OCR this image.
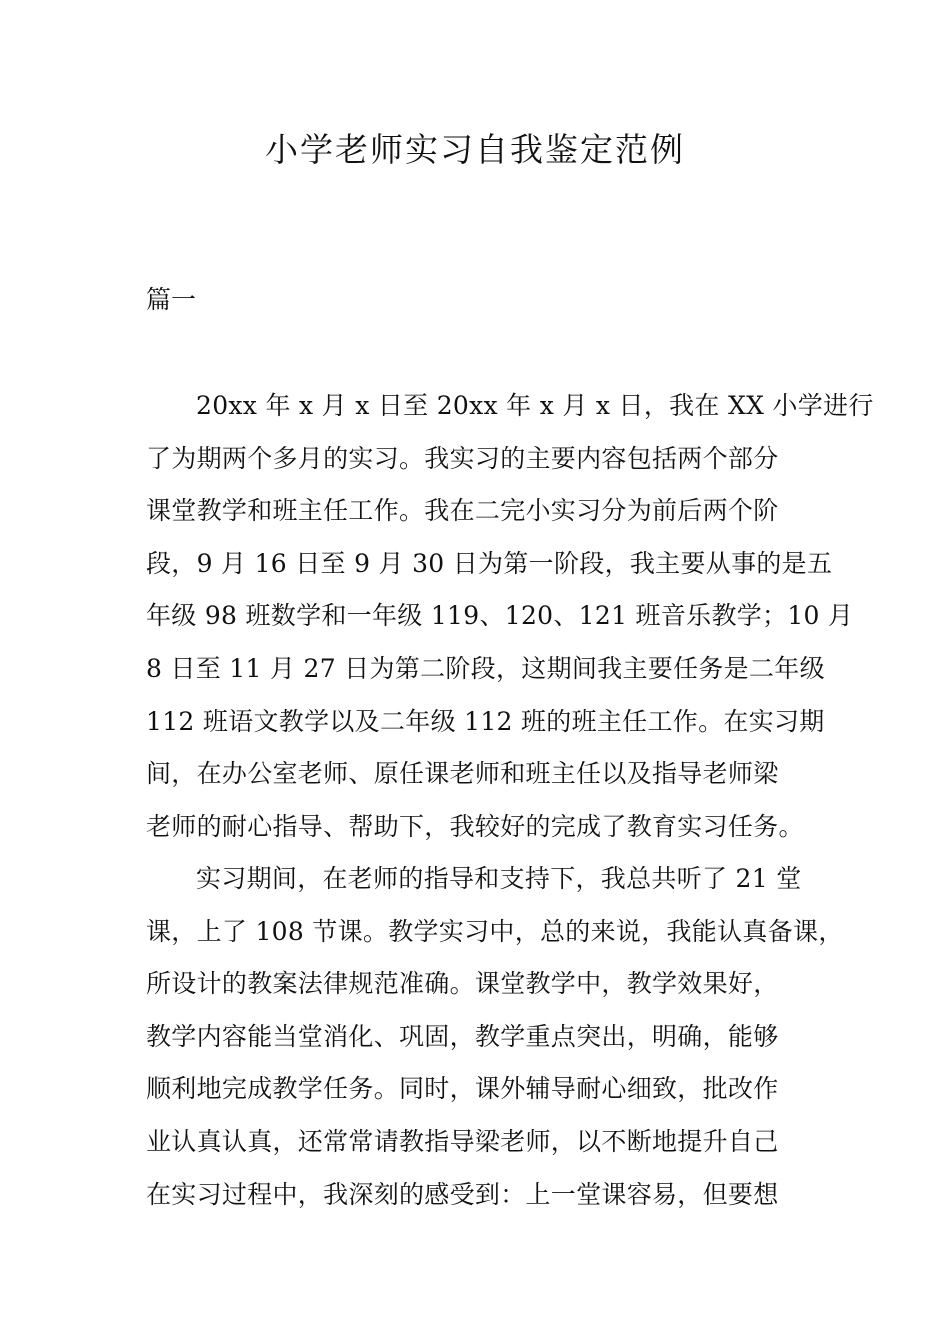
小学老师实习自我鉴定范例
篇一
20xx 年 x 月 x 日至 20xx 年 x 月 x 日，我在 XX 小学进行
了为期两个多月的实习。我实习的主要内容包括两个部分
课堂教学和班主任工作。我在二完小实习分为前后两个阶
段，9 月 16 日至 9 月 30 日为第一阶段，我主要从事的是五
年级 98 班数学和一年级 119、120、121 班音乐教学；10 月
8 日至 11 月 27 日为第二阶段，这期间我主要任务是二年级
112 班语文教学以及二年级 112 班的班主任工作。在实习期
间，在办公室老师、原任课老师和班主任以及指导老师梁
老师的耐心指导、帮助下，我较好的完成了教育实习任务。
实习期间，在老师的指导和支持下，我总共听了 21 堂
课，上了 108 节课。教学实习中，总的来说，我能认真备课，
所设计的教案法律规范准确。课堂教学中，教学效果好，
教学内容能当堂消化、巩固，教学重点突出，明确，能够
顺利地完成教学任务。同时，课外辅导耐心细致，批改作
业认真认真，还常常请教指导梁老师，以不断地提升自己
在实习过程中，我深刻的感受到：上一堂课容易，但要想
